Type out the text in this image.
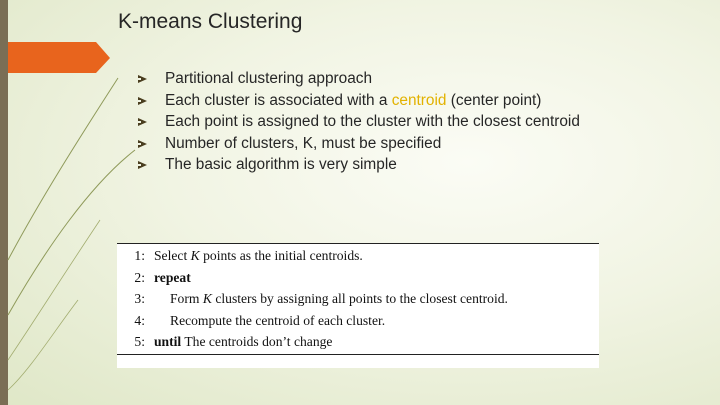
K-means Clustering
Partitional clustering approach
Each cluster is associated with a centroid (center point)
Each point is assigned to the cluster with the closest centroid
Number of clusters, K, must be specified
The basic algorithm is very simple
1: Select K points as the initial centroids.
2: repeat
3: Form K clusters by assigning all points to the closest centroid.
4: Recompute the centroid of each cluster.
5: until The centroids don’t change
